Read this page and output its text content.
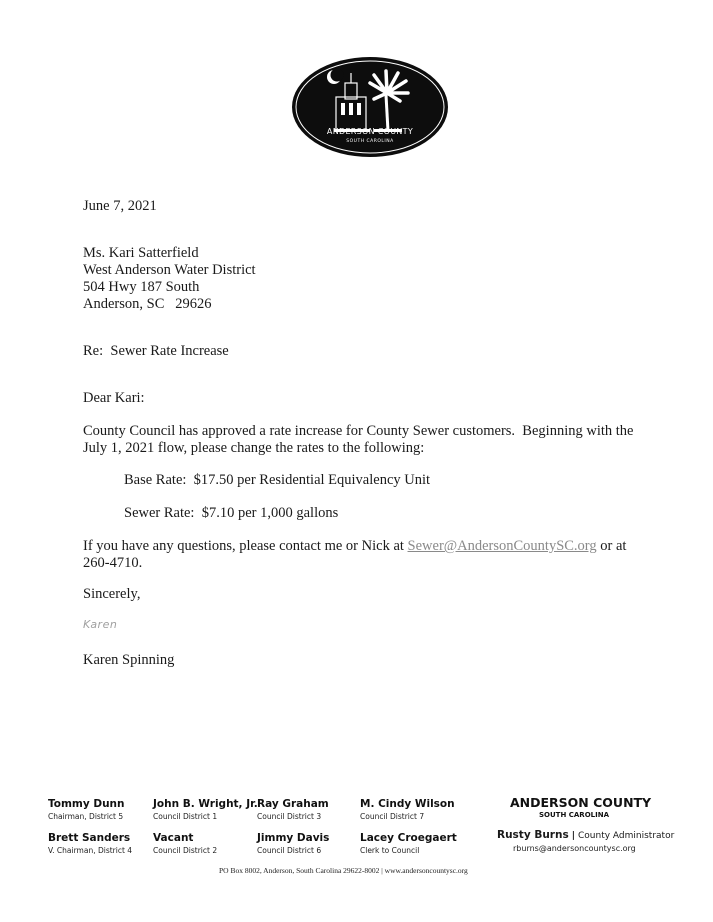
ANDERSON COUNTY
SOUTH CAROLINA
June 7, 2021
Ms. Kari Satterfield
West Anderson Water District
504 Hwy 187 South
Anderson, SC   29626
Re:  Sewer Rate Increase
Dear Kari:
County Council has approved a rate increase for County Sewer customers.  Beginning with the July 1, 2021 flow, please change the rates to the following:
Base Rate:  $17.50 per Residential Equivalency Unit
Sewer Rate:  $7.10 per 1,000 gallons
If you have any questions, please contact me or Nick at Sewer@AndersonCountySC.org or at 260-4710.
Sincerely,
Karen
Karen Spinning
Tommy Dunn
Chairman, District 5
John B. Wright, Jr.
Council District 1
Ray Graham
Council District 3
M. Cindy Wilson
Council District 7
Brett Sanders
V. Chairman, District 4
Vacant
Council District 2
Jimmy Davis
Council District 6
Lacey Croegaert
Clerk to Council
ANDERSON COUNTY
SOUTH CAROLINA
Rusty Burns | County Administrator
rburns@andersoncountysc.org
PO Box 8002, Anderson, South Carolina 29622-8002 | www.andersoncountysc.org
